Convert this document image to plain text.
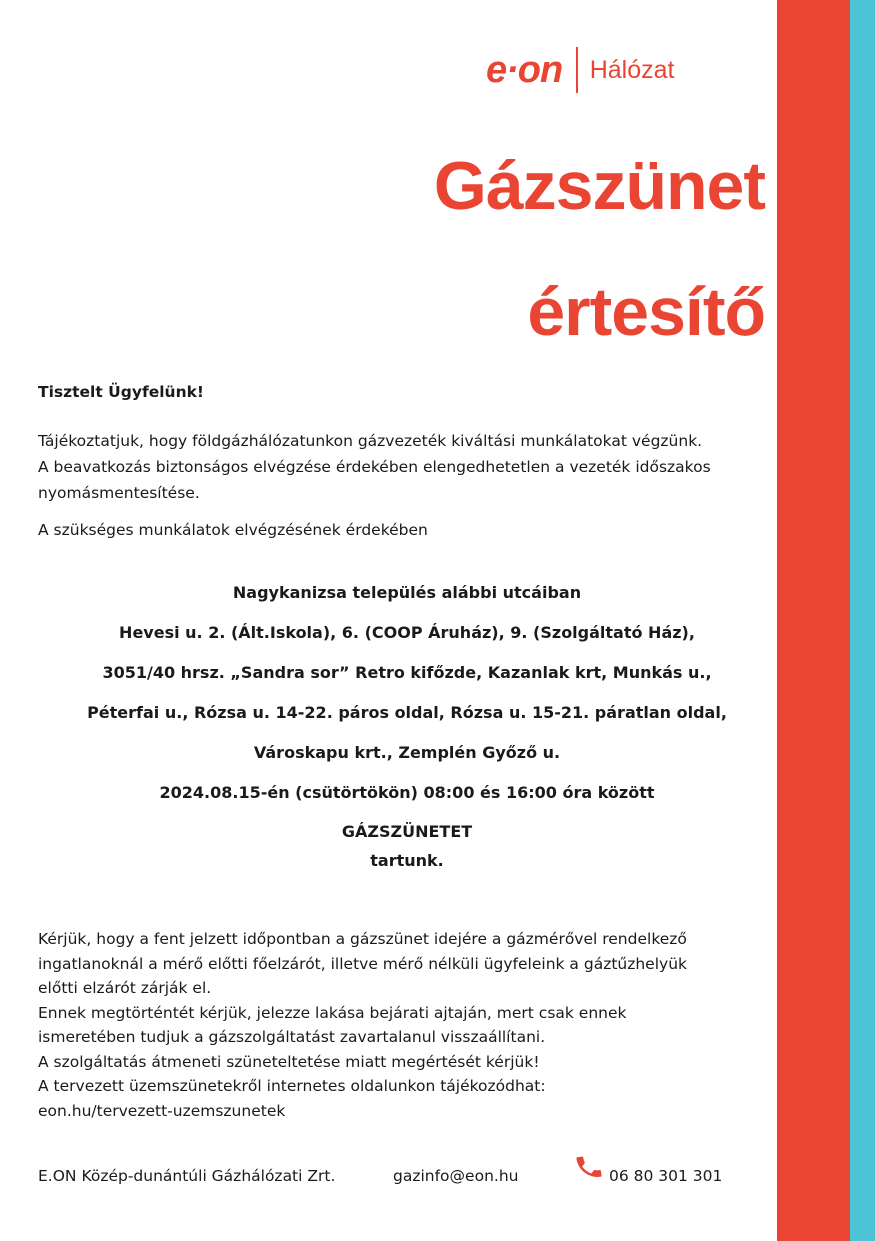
e·on Hálózat
Gázszünet
értesítő

Tisztelt Ügyfelünk!

Tájékoztatjuk, hogy földgázhálózatunkon gázvezeték kiváltási munkálatokat végzünk.
A beavatkozás biztonságos elvégzése érdekében elengedhetetlen a vezeték időszakos
nyomásmentesítése.

A szükséges munkálatok elvégzésének érdekében

Nagykanizsa település alábbi utcáiban
Hevesi u. 2. (Ált.Iskola), 6. (COOP Áruház), 9. (Szolgáltató Ház),
3051/40 hrsz. „Sandra sor” Retro kifőzde, Kazanlak krt, Munkás u.,
Péterfai u., Rózsa u. 14-22. páros oldal, Rózsa u. 15-21. páratlan oldal,
Városkapu krt., Zemplén Győző u.
2024.08.15-én (csütörtökön) 08:00 és 16:00 óra között
GÁZSZÜNETET
tartunk.

Kérjük, hogy a fent jelzett időpontban a gázszünet idejére a gázmérővel rendelkező
ingatlanoknál a mérő előtti főelzárót, illetve mérő nélküli ügyfeleink a gáztűzhelyük
előtti elzárót zárják el.
Ennek megtörténtét kérjük, jelezze lakása bejárati ajtaján, mert csak ennek
ismeretében tudjuk a gázszolgáltatást zavartalanul visszaállítani.
A szolgáltatás átmeneti szüneteltetése miatt megértését kérjük!
A tervezett üzemszünetekről internetes oldalunkon tájékozódhat:
eon.hu/tervezett-uzemszunetek

E.ON Közép-dunántúli Gázhálózati Zrt.	gazinfo@eon.hu	06 80 301 301
